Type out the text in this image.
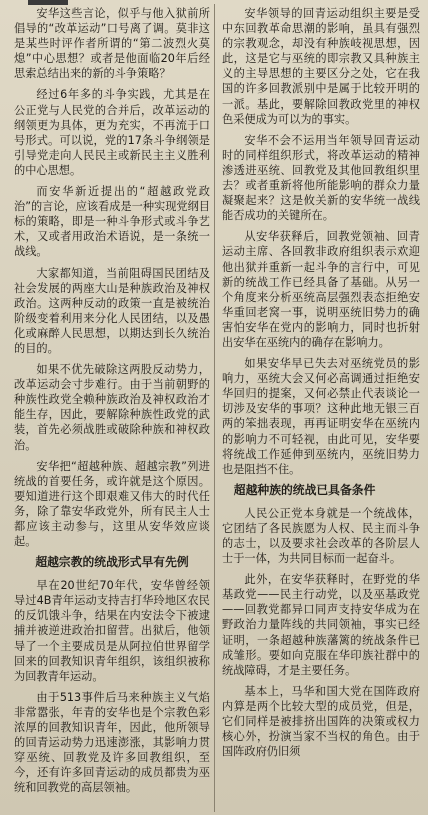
安华这些言论，似乎与他入狱前所倡导的“改革运动”口号离了调。莫非这是某些时评作者所谓的“第二波烈火莫熄”中心思想？或者是他面临20年后经思索总结出来的新的斗争策略？

经过6年多的斗争实践，尤其是在公正党与人民党的合并后，改革运动的纲领更为具体，更为充实，不再流于口号形式。可以说，党的17条斗争纲领是引导党走向人民民主或新民主主义胜利的中心思想。

而安华新近提出的“超越政党政治”的言论，应该看成是一种实现党纲目标的策略，即是一种斗争形式或斗争艺术，又或者用政治术语说，是一条统一战线。

大家都知道，当前阻碍国民团结及社会发展的两座大山是种族政治及神权政治。这两种反动的政策一直是被统治阶级变着利用来分化人民团结，以及愚化或麻醉人民思想，以期达到长久统治的目的。

如果不优先破除这两股反动势力，改革运动会寸步难行。由于当前朝野的种族性政党全赖种族政治及神权政治才能生存，因此，要解除种族性政党的武装，首先必须战胜或破除种族和神权政治。

安华把“超越种族、超越宗教”列进统战的首要任务，或许就是这个原因。要知道进行这个即艰难又伟大的时代任务，除了靠安华政党外，所有民主人士都应该主动参与，这里从安华效应谈起。

超越宗教的统战形式早有先例

早在20世纪70年代，安华曾经领导过4B青年运动支持吉打华玲地区农民的反饥饿斗争，结果在内安法令下被逮捕并被逆进政治扣留营。出狱后，他领导了一个主要成员是从阿拉伯世界留学回来的回教知识青年组织，该组织被称为回教青年运动。

由于513事件后马来种族主义气焰非常嚣张，年青的安华也是个宗教色彩浓厚的回教知识青年，因此，他所领导的回青运动势力迅速澎涨，其影响力贯穿巫统、回教党及许多回教组织，至今，还有许多回青运动的成员都贵为巫统和回教党的高层领袖。

安华领导的回青运动组织主要是受中东回教革命思潮的影响，虽具有强烈的宗教观念，却没有种族岐视思想，因此，这是它与巫统的即宗教又具种族主义的主导思想的主要区分之处，它在我国的许多回教派别中是属于比较开明的一派。基此，要解除回教政党里的神权色采便成为可以为的事实。

安华不会不运用当年领导回青运动时的同样组织形式，将改革运动的精神渗透进巫统、回教党及其他回教组织里去？或者重新将他所能影响的群众力量凝聚起来？这是攸关新的安华统一战线能否成功的关键所在。

从安华获释后，回教党领袖、回青运动主席、各回教非政府组织表示欢迎他出狱并重新一起斗争的言行中，可见新的统战工作已经具备了基础。从另一个角度来分析巫统高层强烈表态拒绝安华重回老窝一事，说明巫统旧势力的确害怕安华在党内的影响力，同时也折射出安华在巫统内的确存在影响力。

如果安华早已失去对巫统党员的影响力，巫统大会又何必高调通过拒绝安华回归的提案，又何必禁止代表谈论一切涉及安华的事项？这种此地无银三百两的笨拙表现，再再证明安华在巫统内的影响力不可轻视，由此可见，安华要将统战工作延伸到巫统内，巫统旧势力也是阻挡不住。

超越种族的统战已具备条件

人民公正党本身就是一个统战体，它团结了各民族愿为人权、民主而斗争的志士，以及要求社会改革的各阶层人士于一体，为共同目标而一起奋斗。

此外，在安华获释时，在野党的华基政党——民主行动党，以及巫基政党——回教党都异口同声支持安华成为在野政治力量阵线的共同领袖，事实已经证明，一条超越种族藩篱的统战条件已成雏形。要如向克服在华印族社群中的统战障碍，才是主要任务。

基本上，马华和国大党在国阵政府内算是两个比较大型的成员党，但是，它们同样是被排挤出国阵的决策或权力核心外，扮演当家不当权的角色。由于国阵政府仍旧须
